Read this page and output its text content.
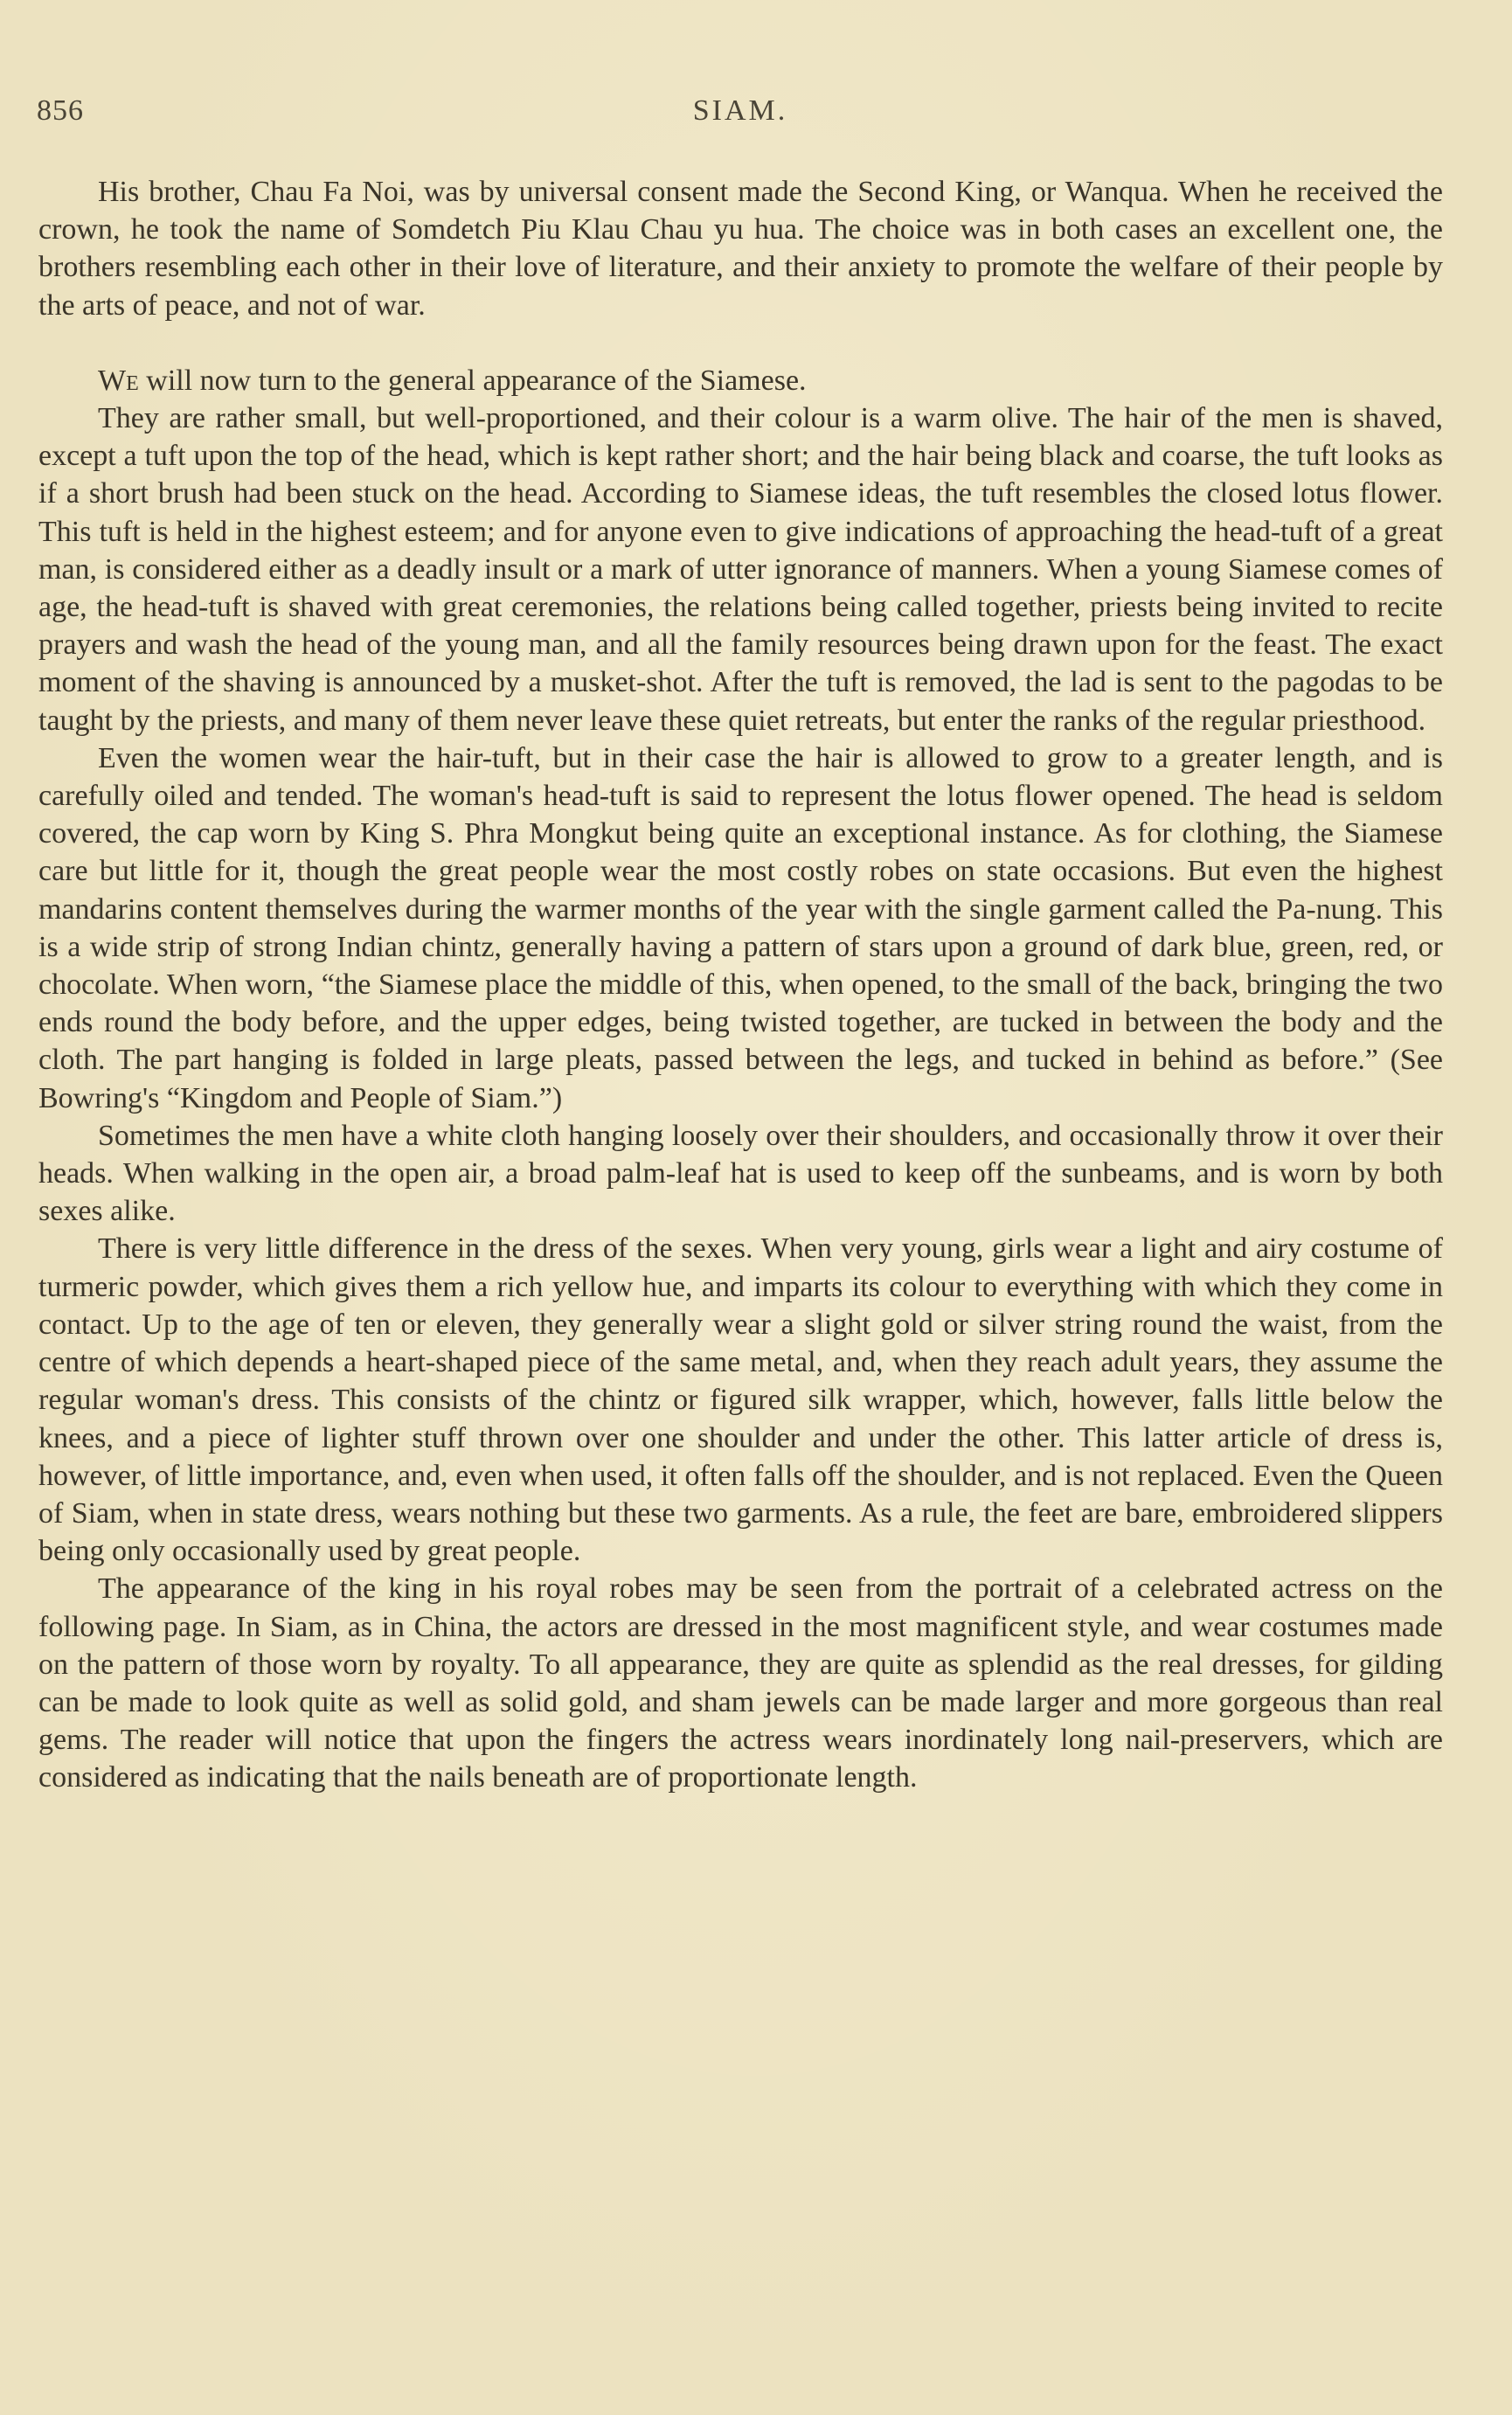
856	SIAM.

His brother, Chau Fa Noi, was by universal consent made the Second King, or Wanqua. When he received the crown, he took the name of Somdetch Piu Klau Chau yu hua. The choice was in both cases an excellent one, the brothers resembling each other in their love of literature, and their anxiety to promote the welfare of their people by the arts of peace, and not of war.

We will now turn to the general appearance of the Siamese.

They are rather small, but well-proportioned, and their colour is a warm olive. The hair of the men is shaved, except a tuft upon the top of the head, which is kept rather short; and the hair being black and coarse, the tuft looks as if a short brush had been stuck on the head. According to Siamese ideas, the tuft resembles the closed lotus flower. This tuft is held in the highest esteem; and for anyone even to give indications of approaching the head-tuft of a great man, is considered either as a deadly insult or a mark of utter ignorance of manners. When a young Siamese comes of age, the head-tuft is shaved with great ceremonies, the relations being called together, priests being invited to recite prayers and wash the head of the young man, and all the family resources being drawn upon for the feast. The exact moment of the shaving is announced by a musket-shot. After the tuft is removed, the lad is sent to the pagodas to be taught by the priests, and many of them never leave these quiet retreats, but enter the ranks of the regular priesthood.

Even the women wear the hair-tuft, but in their case the hair is allowed to grow to a greater length, and is carefully oiled and tended. The woman's head-tuft is said to represent the lotus flower opened. The head is seldom covered, the cap worn by King S. Phra Mongkut being quite an exceptional instance. As for clothing, the Siamese care but little for it, though the great people wear the most costly robes on state occasions. But even the highest mandarins content themselves during the warmer months of the year with the single garment called the Pa-nung. This is a wide strip of strong Indian chintz, generally having a pattern of stars upon a ground of dark blue, green, red, or chocolate. When worn, “the Siamese place the middle of this, when opened, to the small of the back, bringing the two ends round the body before, and the upper edges, being twisted together, are tucked in between the body and the cloth. The part hanging is folded in large pleats, passed between the legs, and tucked in behind as before.” (See Bowring's “Kingdom and People of Siam.”)

Sometimes the men have a white cloth hanging loosely over their shoulders, and occasionally throw it over their heads. When walking in the open air, a broad palm-leaf hat is used to keep off the sunbeams, and is worn by both sexes alike.

There is very little difference in the dress of the sexes. When very young, girls wear a light and airy costume of turmeric powder, which gives them a rich yellow hue, and imparts its colour to everything with which they come in contact. Up to the age of ten or eleven, they generally wear a slight gold or silver string round the waist, from the centre of which depends a heart-shaped piece of the same metal, and, when they reach adult years, they assume the regular woman's dress. This consists of the chintz or figured silk wrapper, which, however, falls little below the knees, and a piece of lighter stuff thrown over one shoulder and under the other. This latter article of dress is, however, of little importance, and, even when used, it often falls off the shoulder, and is not replaced. Even the Queen of Siam, when in state dress, wears nothing but these two garments. As a rule, the feet are bare, embroidered slippers being only occasionally used by great people.

The appearance of the king in his royal robes may be seen from the portrait of a celebrated actress on the following page. In Siam, as in China, the actors are dressed in the most magnificent style, and wear costumes made on the pattern of those worn by royalty. To all appearance, they are quite as splendid as the real dresses, for gilding can be made to look quite as well as solid gold, and sham jewels can be made larger and more gorgeous than real gems. The reader will notice that upon the fingers the actress wears inordinately long nail-preservers, which are considered as indicating that the nails beneath are of proportionate length.
